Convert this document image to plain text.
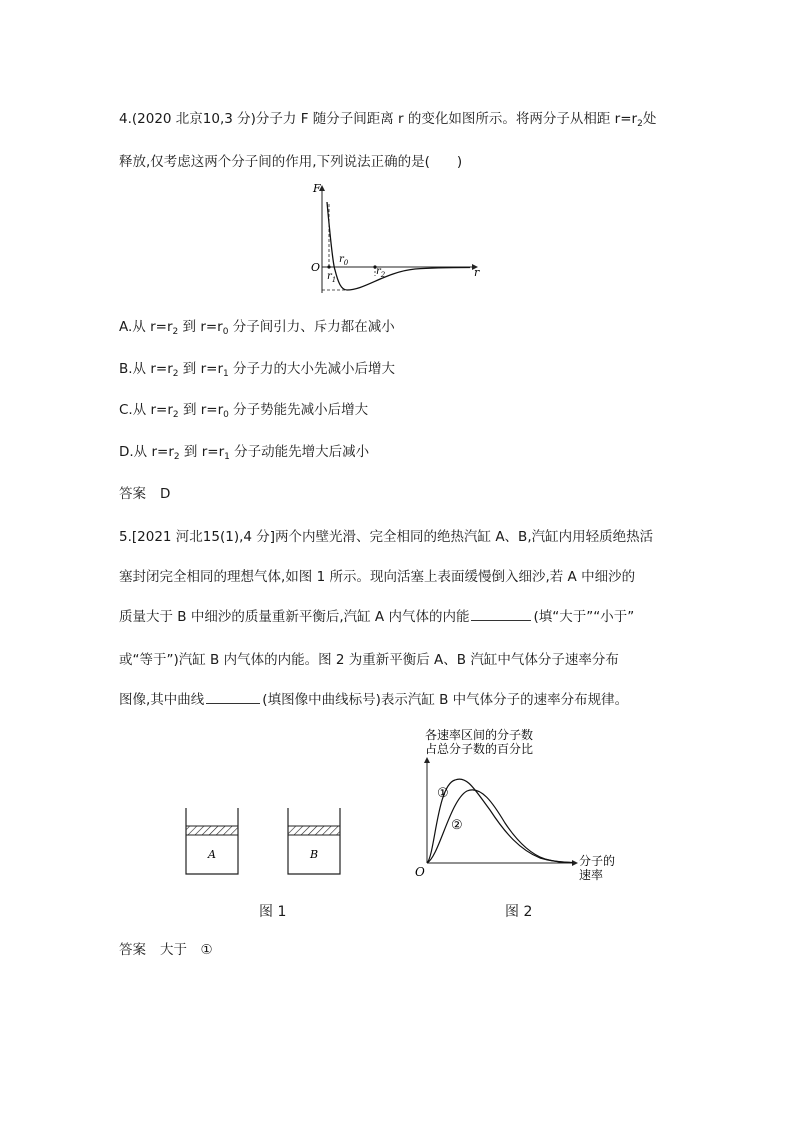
4.(2020 北京10,3 分)分子力 F 随分子间距离 r 的变化如图所示。将两分子从相距 $r=r_2$处
释放,仅考虑这两个分子间的作用,下列说法正确的是(　　)
F
O	r
$r_0$
$r_1$
$r_2$
A.从 $r=r_2$ 到 $r=r_0$ 分子间引力、斥力都在减小
B.从 $r=r_2$ 到 $r=r_1$ 分子力的大小先减小后增大
C.从 $r=r_2$ 到 $r=r_0$ 分子势能先减小后增大
D.从 $r=r_2$ 到 $r=r_1$ 分子动能先增大后减小
答案 D
5.[2021 河北15(1),4 分]两个内壁光滑、完全相同的绝热汽缸 A、B,汽缸内用轻质绝热活
塞封闭完全相同的理想气体,如图 1 所示。现向活塞上表面缓慢倒入细沙,若 A 中细沙的
质量大于 B 中细沙的质量重新平衡后,汽缸 A 内气体的内能	(填“大于”“小于”
或“等于”)汽缸 B 内气体的内能。图 2 为重新平衡后 A、B 汽缸中气体分子速率分布
图像,其中曲线	(填图像中曲线标号)表示汽缸 B 中气体分子的速率分布规律。
A	B
各速率区间的分子数
占总分子数的百分比
O
分子的
速率
①
②
图 1	图 2
答案 大于　①
